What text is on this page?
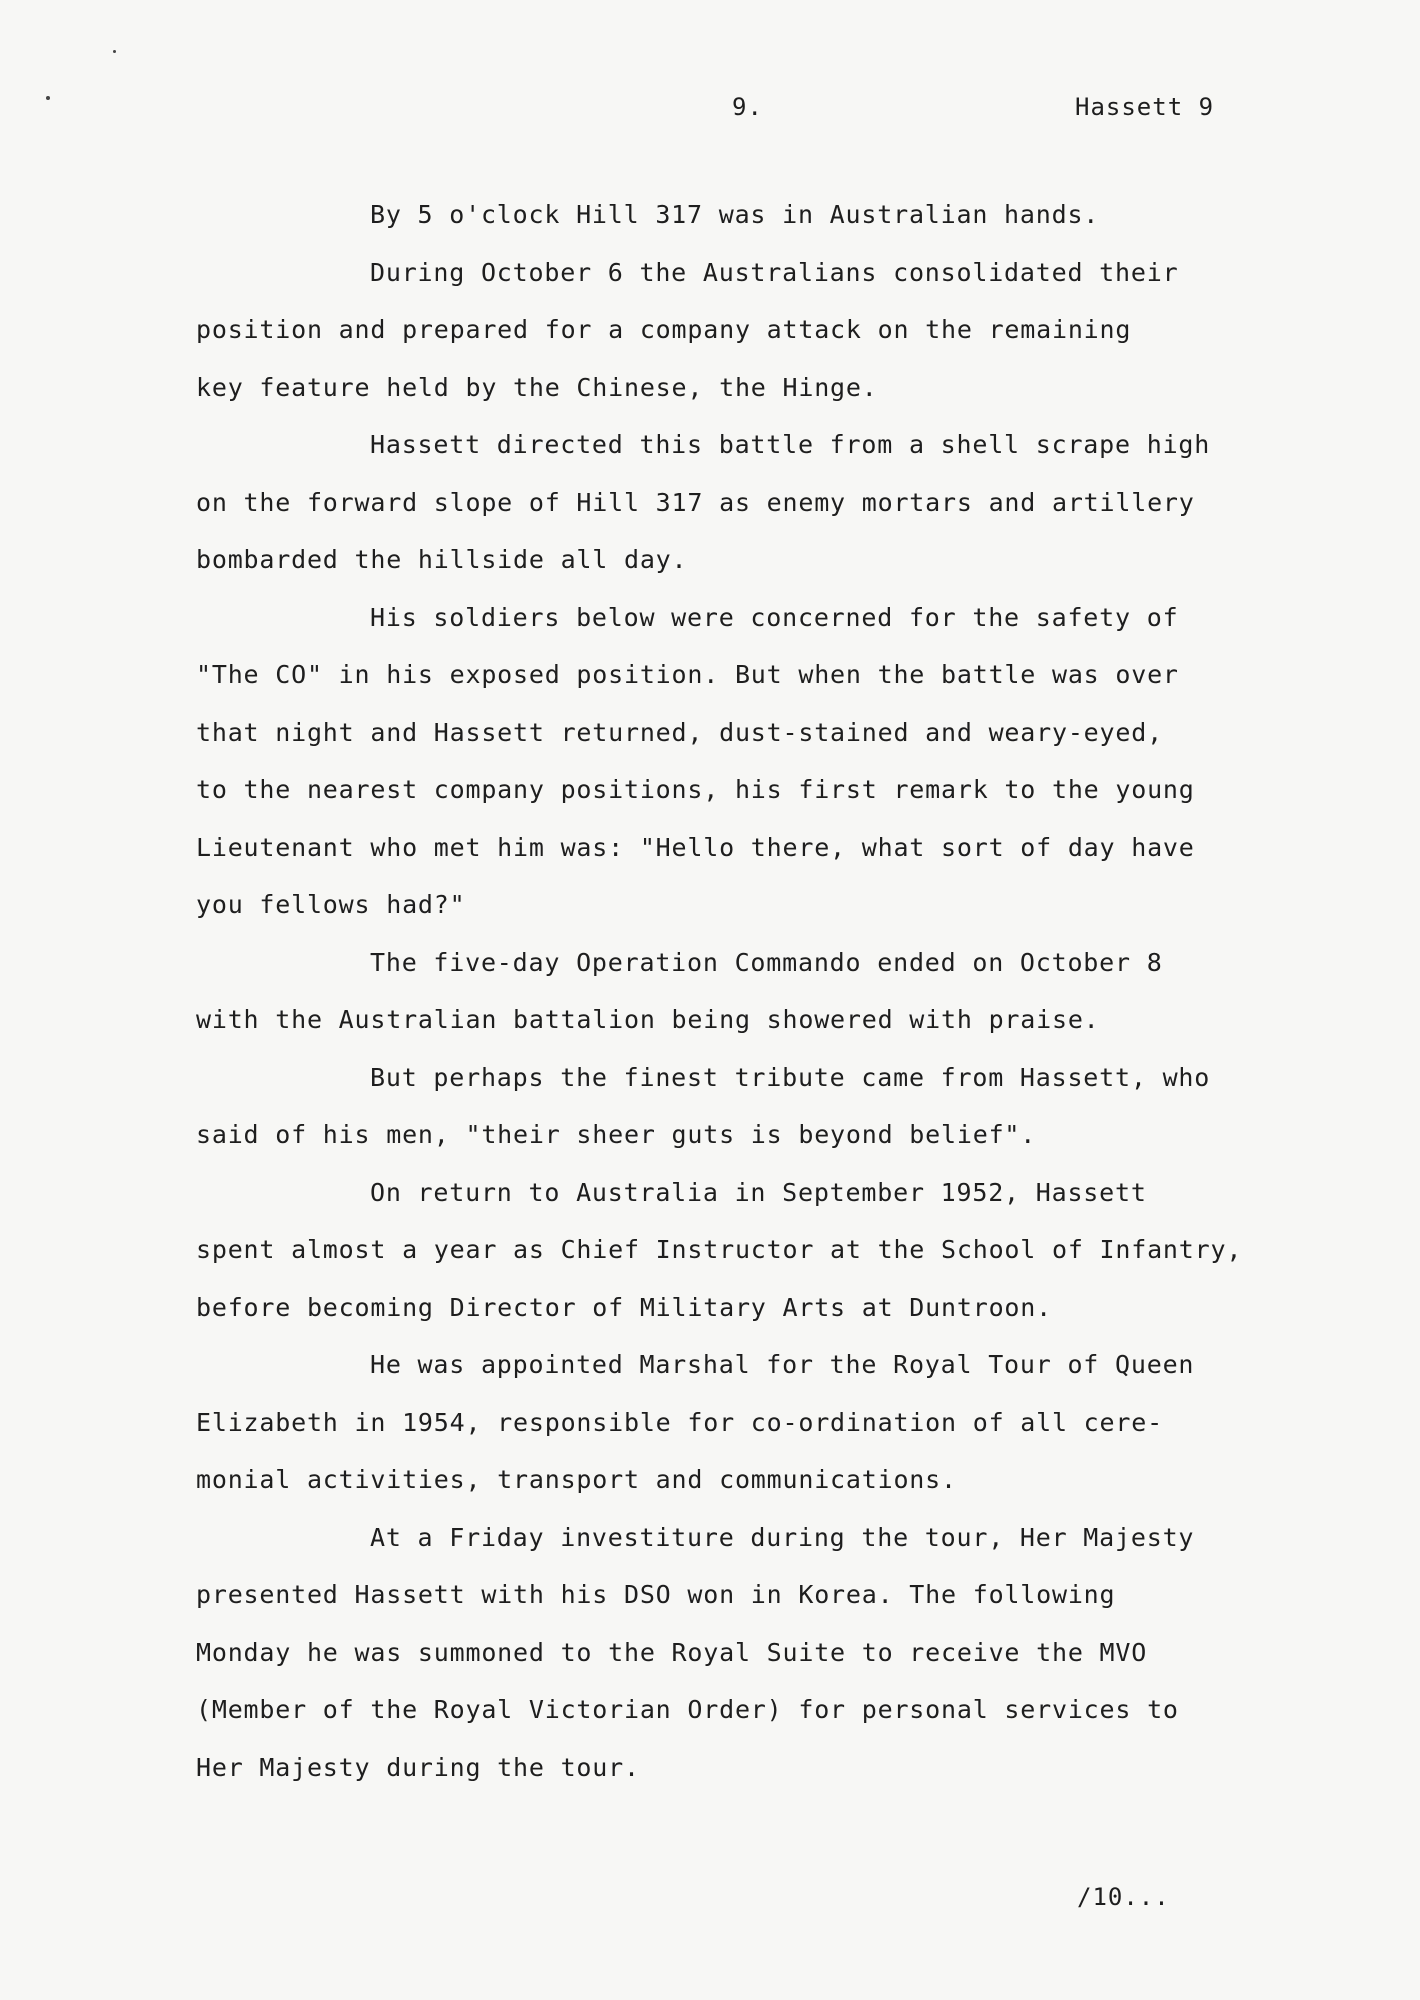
9.	Hassett 9
By 5 o'clock Hill 317 was in Australian hands.
During October 6 the Australians consolidated their
position and prepared for a company attack on the remaining
key feature held by the Chinese, the Hinge.
Hassett directed this battle from a shell scrape high
on the forward slope of Hill 317 as enemy mortars and artillery
bombarded the hillside all day.
His soldiers below were concerned for the safety of
"The CO" in his exposed position. But when the battle was over
that night and Hassett returned, dust-stained and weary-eyed,
to the nearest company positions, his first remark to the young
Lieutenant who met him was: "Hello there, what sort of day have
you fellows had?"
The five-day Operation Commando ended on October 8
with the Australian battalion being showered with praise.
But perhaps the finest tribute came from Hassett, who
said of his men, "their sheer guts is beyond belief".
On return to Australia in September 1952, Hassett
spent almost a year as Chief Instructor at the School of Infantry,
before becoming Director of Military Arts at Duntroon.
He was appointed Marshal for the Royal Tour of Queen
Elizabeth in 1954, responsible for co-ordination of all cere-
monial activities, transport and communications.
At a Friday investiture during the tour, Her Majesty
presented Hassett with his DSO won in Korea. The following
Monday he was summoned to the Royal Suite to receive the MVO
(Member of the Royal Victorian Order) for personal services to
Her Majesty during the tour.
/10...
